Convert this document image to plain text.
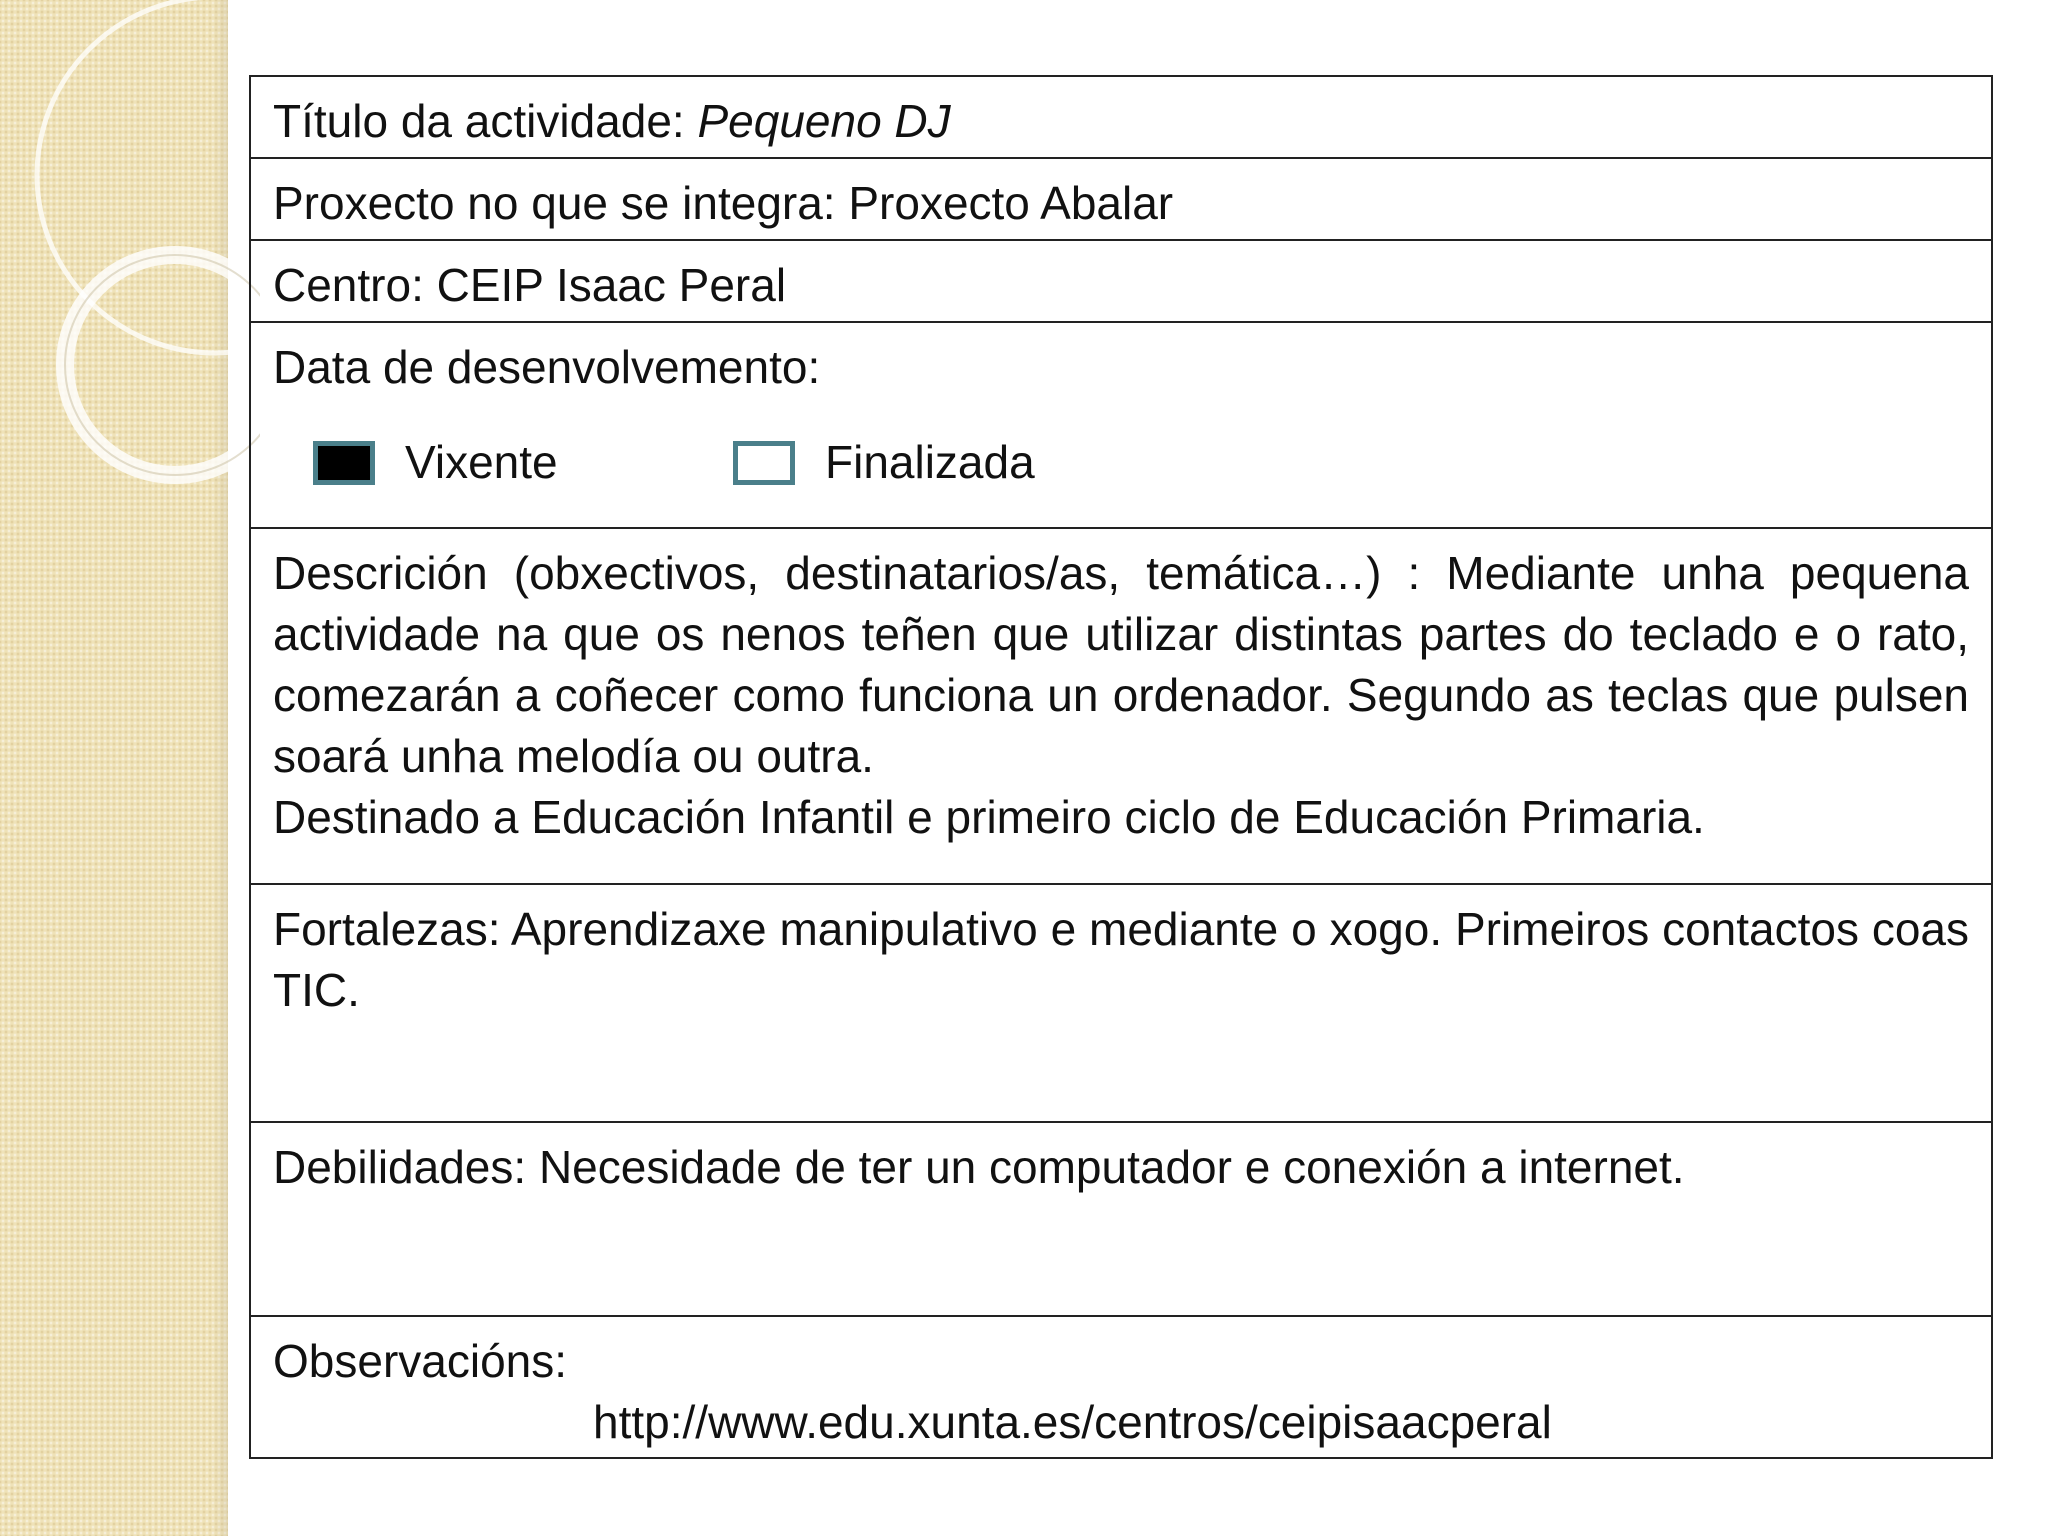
Título da actividade: Pequeno DJ
Proxecto no que se integra: Proxecto Abalar
Centro: CEIP Isaac Peral
Data de desenvolvemento:
Vixente	Finalizada
Descrición (obxectivos, destinatarios/as, temática…) : Mediante unha pequena actividade na que os nenos teñen que utilizar distintas partes do teclado e o rato, comezarán a coñecer como funciona un ordenador. Segundo as teclas que pulsen soará unha melodía ou outra.
Destinado a Educación Infantil e primeiro ciclo de Educación Primaria.
Fortalezas: Aprendizaxe manipulativo e mediante o xogo. Primeiros contactos coas TIC.
Debilidades: Necesidade de ter un computador e conexión a internet.
Observacións:
http://www.edu.xunta.es/centros/ceipisaacperal
